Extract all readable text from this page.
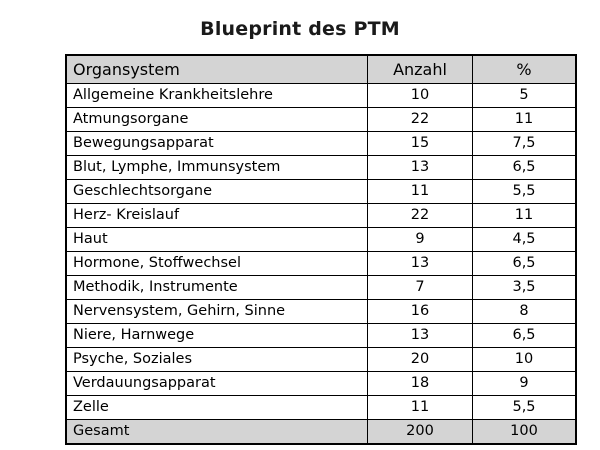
Blueprint des PTM
Organsystem	Anzahl	%
Allgemeine Krankheitslehre	10	5
Atmungsorgane	22	11
Bewegungsapparat	15	7,5
Blut, Lymphe, Immunsystem	13	6,5
Geschlechtsorgane	11	5,5
Herz- Kreislauf	22	11
Haut	9	4,5
Hormone, Stoffwechsel	13	6,5
Methodik, Instrumente	7	3,5
Nervensystem, Gehirn, Sinne	16	8
Niere, Harnwege	13	6,5
Psyche, Soziales	20	10
Verdauungsapparat	18	9
Zelle	11	5,5
Gesamt	200	100
